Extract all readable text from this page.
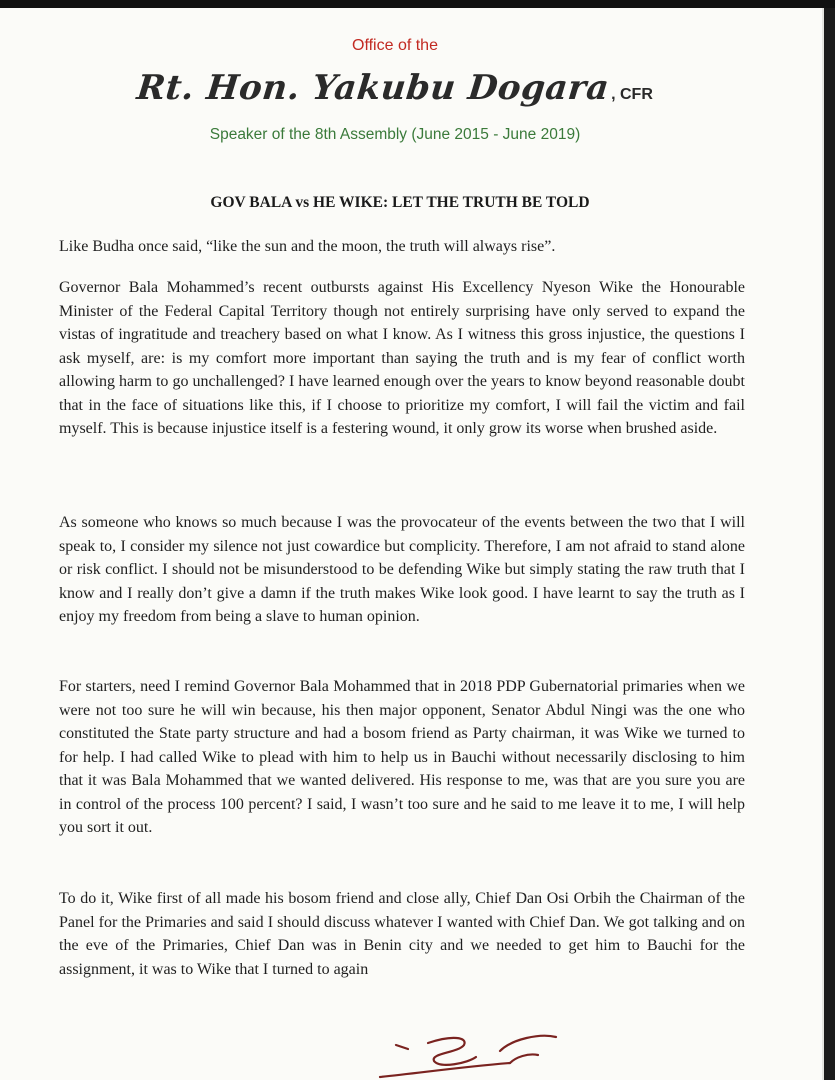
Office of the
Rt. Hon. Yakubu Dogara, CFR
Speaker of the 8th Assembly (June 2015 - June 2019)
GOV BALA vs HE WIKE: LET THE TRUTH BE TOLD

Like Budha once said, “like the sun and the moon, the truth will always rise”.

Governor Bala Mohammed’s recent outbursts against His Excellency Nyeson Wike the Honourable Minister of the Federal Capital Territory though not entirely surprising have only served to expand the vistas of ingratitude and treachery based on what I know. As I witness this gross injustice, the questions I ask myself, are: is my comfort more important than saying the truth and is my fear of conflict worth allowing harm to go unchallenged? I have learned enough over the years to know beyond reasonable doubt that in the face of situations like this, if I choose to prioritize my comfort, I will fail the victim and fail myself. This is because injustice itself is a festering wound, it only grow its worse when brushed aside.

As someone who knows so much because I was the provocateur of the events between the two that I will speak to, I consider my silence not just cowardice but complicity. Therefore, I am not afraid to stand alone or risk conflict. I should not be misunderstood to be defending Wike but simply stating the raw truth that I know and I really don’t give a damn if the truth makes Wike look good. I have learnt to say the truth as I enjoy my freedom from being a slave to human opinion.

For starters, need I remind Governor Bala Mohammed that in 2018 PDP Gubernatorial primaries when we were not too sure he will win because, his then major opponent, Senator Abdul Ningi was the one who constituted the State party structure and had a bosom friend as Party chairman, it was Wike we turned to for help. I had called Wike to plead with him to help us in Bauchi without necessarily disclosing to him that it was Bala Mohammed that we wanted delivered. His response to me, was that are you sure you are in control of the process 100 percent? I said, I wasn’t too sure and he said to me leave it to me, I will help you sort it out.

To do it, Wike first of all made his bosom friend and close ally, Chief Dan Osi Orbih the Chairman of the Panel for the Primaries and said I should discuss whatever I wanted with Chief Dan. We got talking and on the eve of the Primaries, Chief Dan was in Benin city and we needed to get him to Bauchi for the assignment, it was to Wike that I turned to again
